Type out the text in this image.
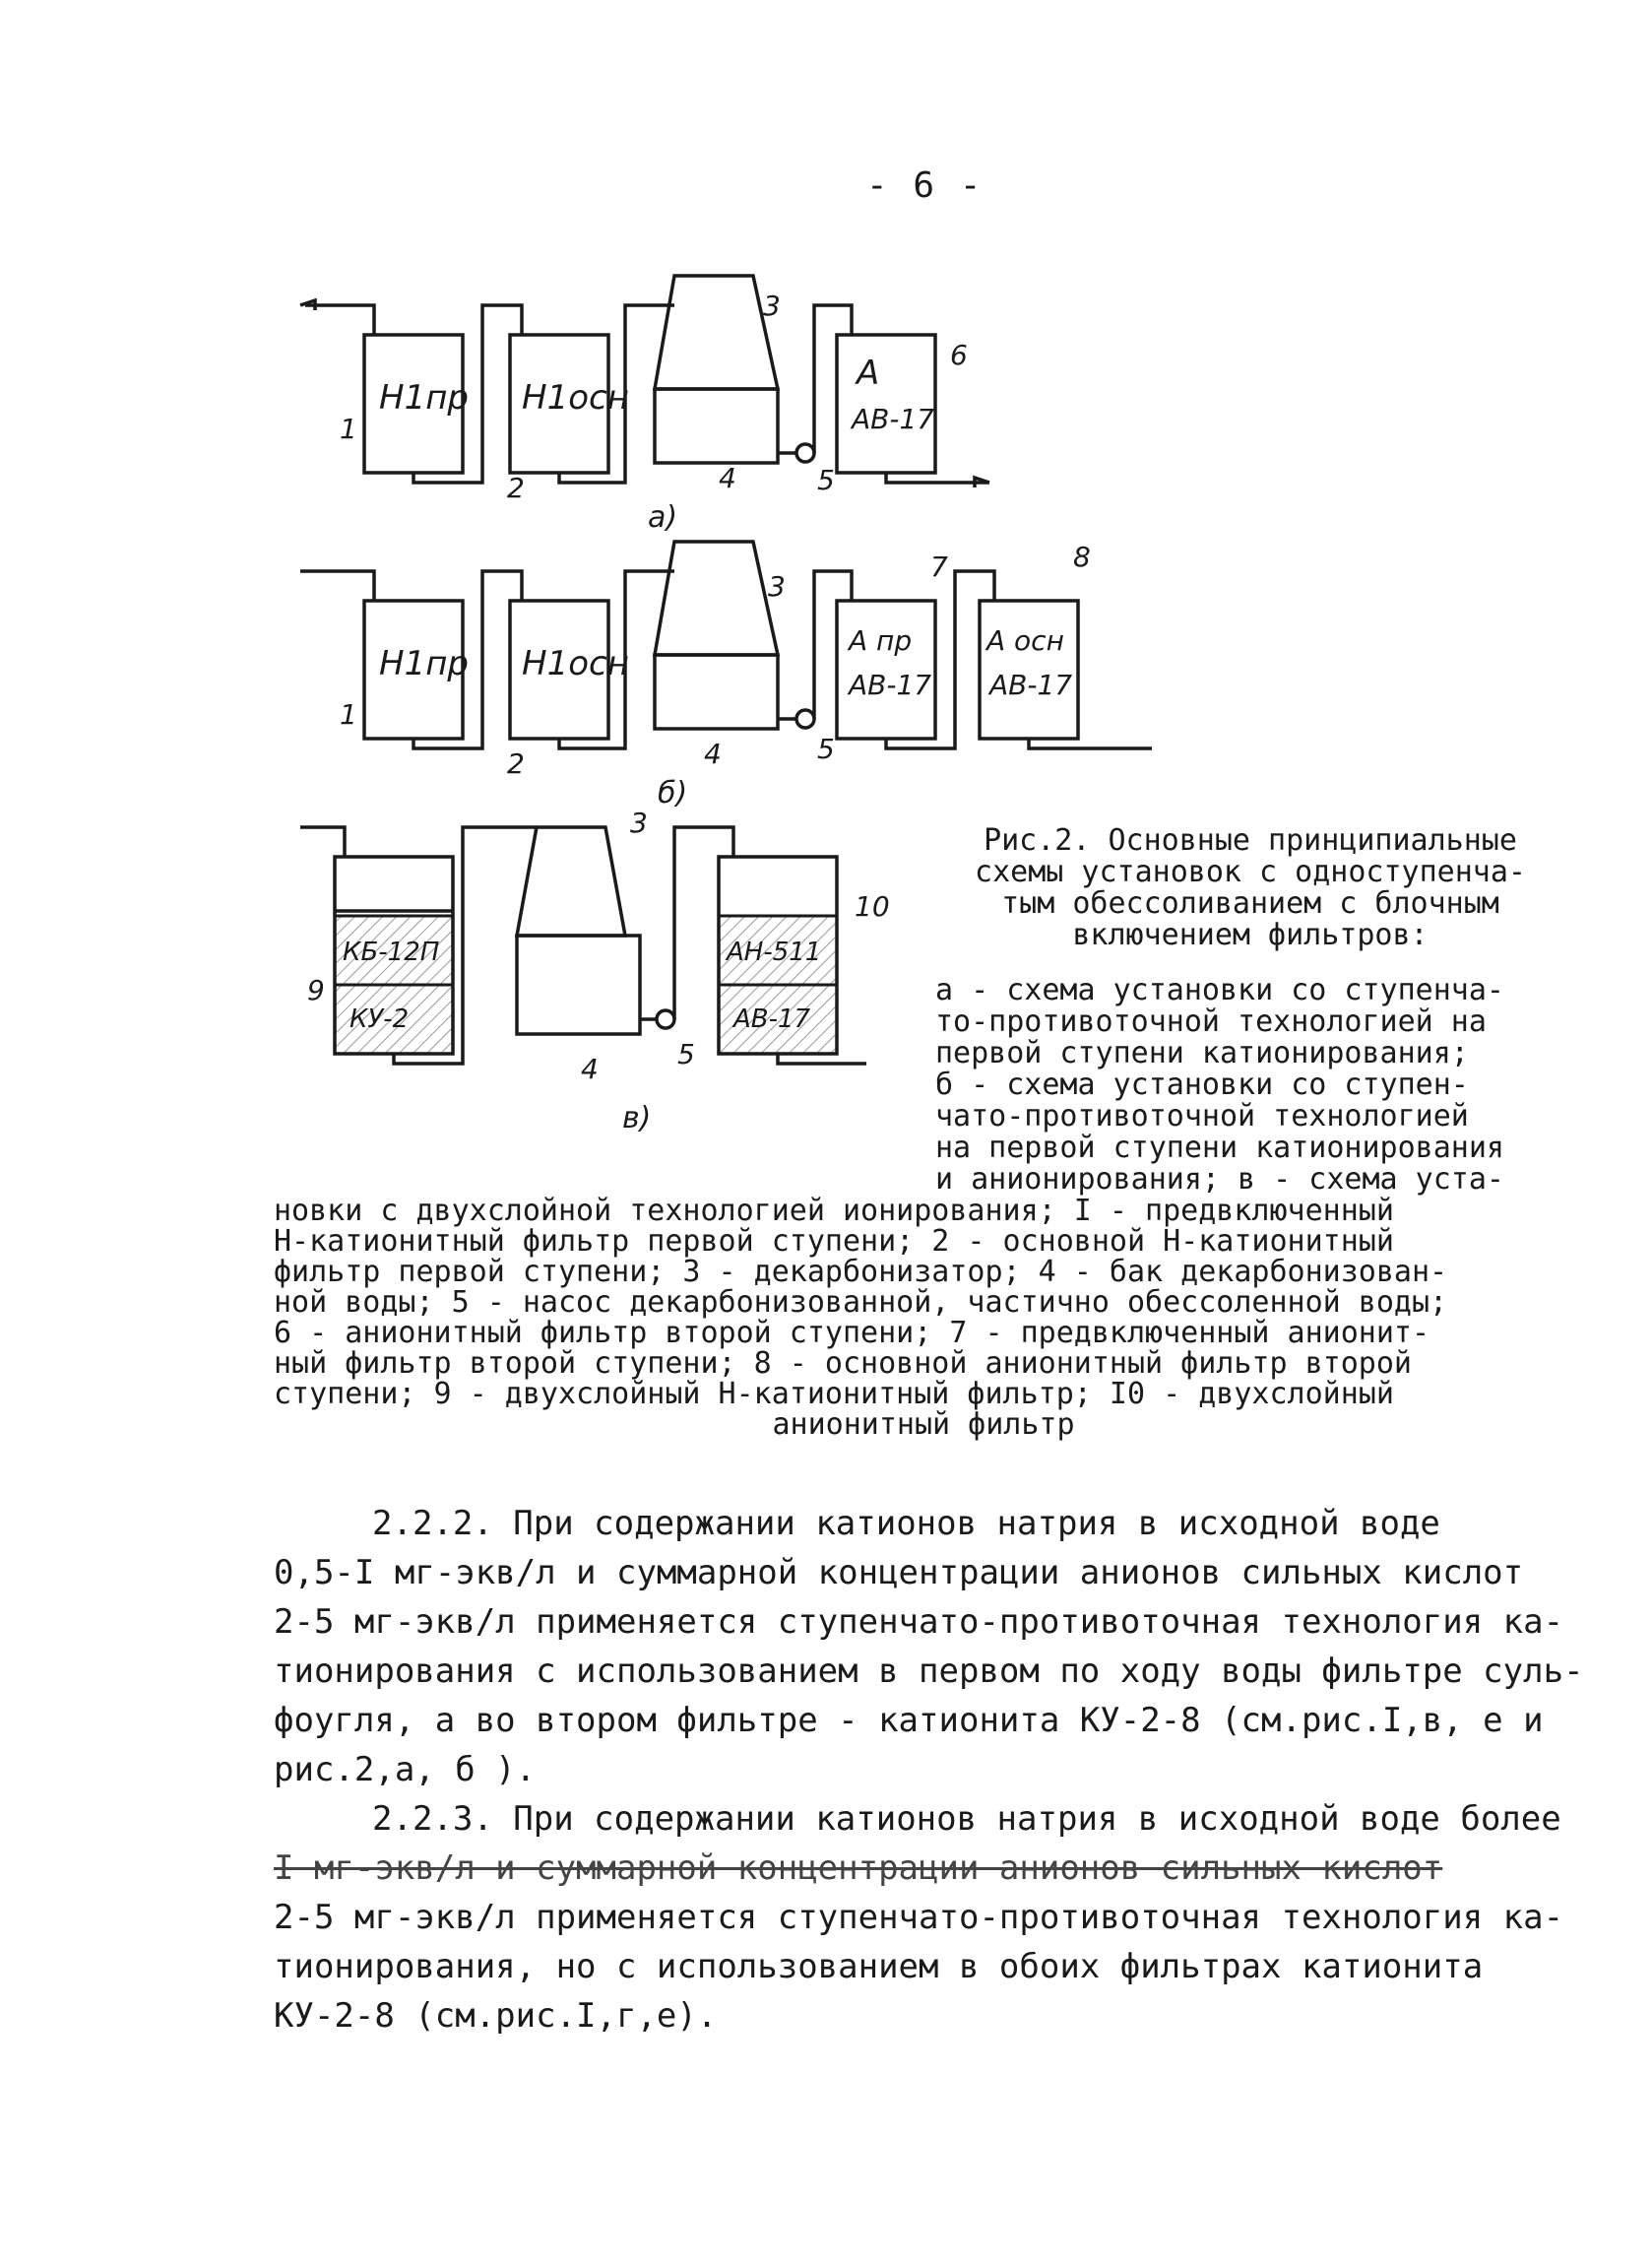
- 6 -
Н1пр Н1осн
А
АВ-17
1
2
3
4	5
6
а)
Н1пр Н1осн
А пр
АВ-17
А осн
АВ-17
1
2
3
4	5
7	8
б)
КБ-12П
КУ-2
АН-511
АВ-17
9
3
4	5
10
в)
Рис.2. Основные принципиальные
схемы установок с одноступенча-
тым обессоливанием с блочным
включением фильтров:
а - схема установки со ступенча-
то-противоточной технологией на
первой ступени катионирования;
б - схема установки со ступен-
чато-противоточной технологией
на первой ступени катионирования
и анионирования; в - схема уста-
новки с двухслойной технологией ионирования; I - предвключенный
Н-катионитный фильтр первой ступени; 2 - основной Н-катионитный
фильтр первой ступени; 3 - декарбонизатор; 4 - бак декарбонизован-
ной воды; 5 - насос декарбонизованной, частично обессоленной воды;
6 - анионитный фильтр второй ступени; 7 - предвключенный анионит-
ный фильтр второй ступени; 8 - основной анионитный фильтр второй
ступени; 9 - двухслойный Н-катионитный фильтр; I0 - двухслойный
анионитный фильтр
2.2.2. При содержании катионов натрия в исходной воде
0,5-I мг-экв/л и суммарной концентрации анионов сильных кислот
2-5 мг-экв/л применяется ступенчато-противоточная технология ка-
тионирования с использованием в первом по ходу воды фильтре суль-
фоугля, а во втором фильтре - катионита КУ-2-8 (см.рис.I,в, е и
рис.2,а, б ).
2.2.3. При содержании катионов натрия в исходной воде более
I мг-экв/л и суммарной концентрации анионов сильных кислот
2-5 мг-экв/л применяется ступенчато-противоточная технология ка-
тионирования, но с использованием в обоих фильтрах катионита
КУ-2-8 (см.рис.I,г,е).
